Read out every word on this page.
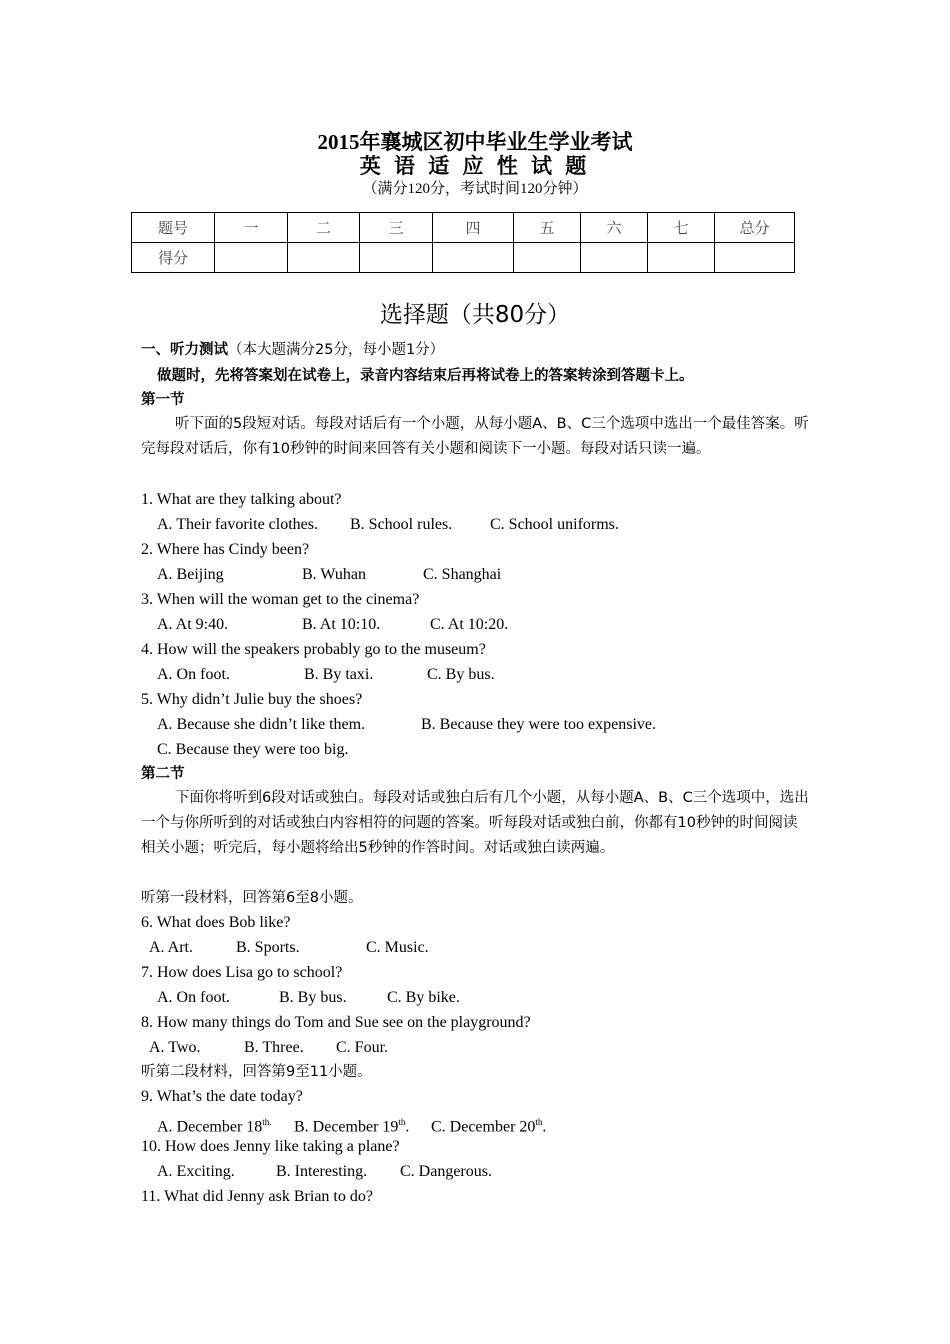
2015年襄城区初中毕业生学业考试
英 语 适 应 性 试 题
（满分120分，考试时间120分钟）
题号	一	二	三	四	五	六	七	总分
得分								
选择题（共80分）
一、听力测试（本大题满分25分，每小题1分）
做题时，先将答案划在试卷上，录音内容结束后再将试卷上的答案转涂到答题卡上。
第一节
听下面的5段短对话。每段对话后有一个小题，从每小题A、B、C三个选项中选出一个最佳答案。听完每段对话后，你有10秒钟的时间来回答有关小题和阅读下一小题。每段对话只读一遍。
1. What are they talking about?
A. Their favorite clothes. B. School rules. C. School uniforms.
2. Where has Cindy been?
A. Beijing	B. Wuhan	C. Shanghai
3. When will the woman get to the cinema?
A. At 9:40.	B. At 10:10.	C. At 10:20.
4. How will the speakers probably go to the museum?
A. On foot.	B. By taxi.	C. By bus.
5. Why didn’t Julie buy the shoes?
A. Because she didn’t like them.	B. Because they were too expensive.
C. Because they were too big.
第二节
下面你将听到6段对话或独白。每段对话或独白后有几个小题，从每小题A、B、C三个选项中，选出一个与你所听到的对话或独白内容相符的问题的答案。听每段对话或独白前，你都有10秒钟的时间阅读相关小题；听完后，每小题将给出5秒钟的作答时间。对话或独白读两遍。
听第一段材料，回答第6至8小题。
6. What does Bob like?
A. Art.	B. Sports.	C. Music.
7. How does Lisa go to school?
A. On foot.	B. By bus.	C. By bike.
8. How many things do Tom and Sue see on the playground?
A. Two.	B. Three. C. Four.
听第二段材料，回答第9至11小题。
9. What’s the date today?
A. December $18^{th.}$ B. December 19th. C. December 20th.
10. How does Jenny like taking a plane?
A. Exciting.	B. Interesting. C. Dangerous.
11. What did Jenny ask Brian to do?
